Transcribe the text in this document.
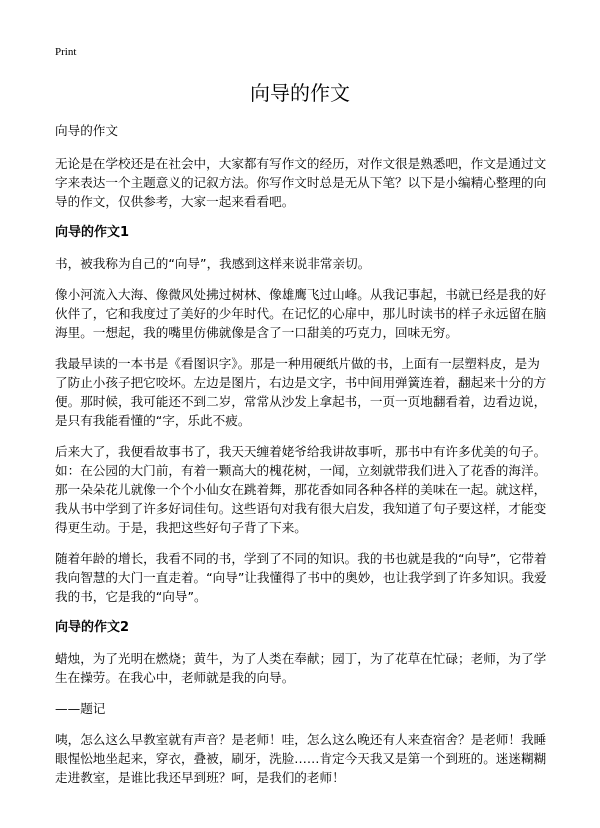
Print
向导的作文

向导的作文

无论是在学校还是在社会中，大家都有写作文的经历，对作文很是熟悉吧，作文是通过文字来表达一个主题意义的记叙方法。你写作文时总是无从下笔？以下是小编精心整理的向导的作文，仅供参考，大家一起来看看吧。

向导的作文1

书，被我称为自己的“向导”，我感到这样来说非常亲切。

像小河流入大海、像微风处拂过树林、像雄鹰飞过山峰。从我记事起，书就已经是我的好伙伴了，它和我度过了美好的少年时代。在记忆的心扉中，那儿时读书的样子永远留在脑海里。一想起，我的嘴里仿佛就像是含了一口甜美的巧克力，回味无穷。

我最早读的一本书是《看图识字》。那是一种用硬纸片做的书，上面有一层塑料皮，是为了防止小孩子把它咬坏。左边是图片，右边是文字，书中间用弹簧连着，翻起来十分的方便。那时候，我可能还不到二岁，常常从沙发上拿起书，一页一页地翻看着，边看边说，是只有我能看懂的“字，乐此不疲。

后来大了，我便看故事书了，我天天缠着姥爷给我讲故事听，那书中有许多优美的句子。如：在公园的大门前，有着一颗高大的槐花树，一闻，立刻就带我们进入了花香的海洋。那一朵朵花儿就像一个个小仙女在跳着舞，那花香如同各种各样的美味在一起。就这样，我从书中学到了许多好词佳句。这些语句对我有很大启发，我知道了句子要这样，才能变得更生动。于是，我把这些好句子背了下来。

随着年龄的增长，我看不同的书，学到了不同的知识。我的书也就是我的“向导”，它带着我向智慧的大门一直走着。“向导”让我懂得了书中的奥妙，也让我学到了许多知识。我爱我的书，它是我的“向导”。

向导的作文2

蜡烛，为了光明在燃烧；黄牛，为了人类在奉献；园丁，为了花草在忙碌；老师，为了学生在操劳。在我心中，老师就是我的向导。

——题记

咦，怎么这么早教室就有声音？是老师！哇，怎么这么晚还有人来查宿舍？是老师！我睡眼惺忪地坐起来，穿衣，叠被，刷牙，洗脸……肯定今天我又是第一个到班的。迷迷糊糊走进教室，是谁比我还早到班？呵，是我们的老师！
